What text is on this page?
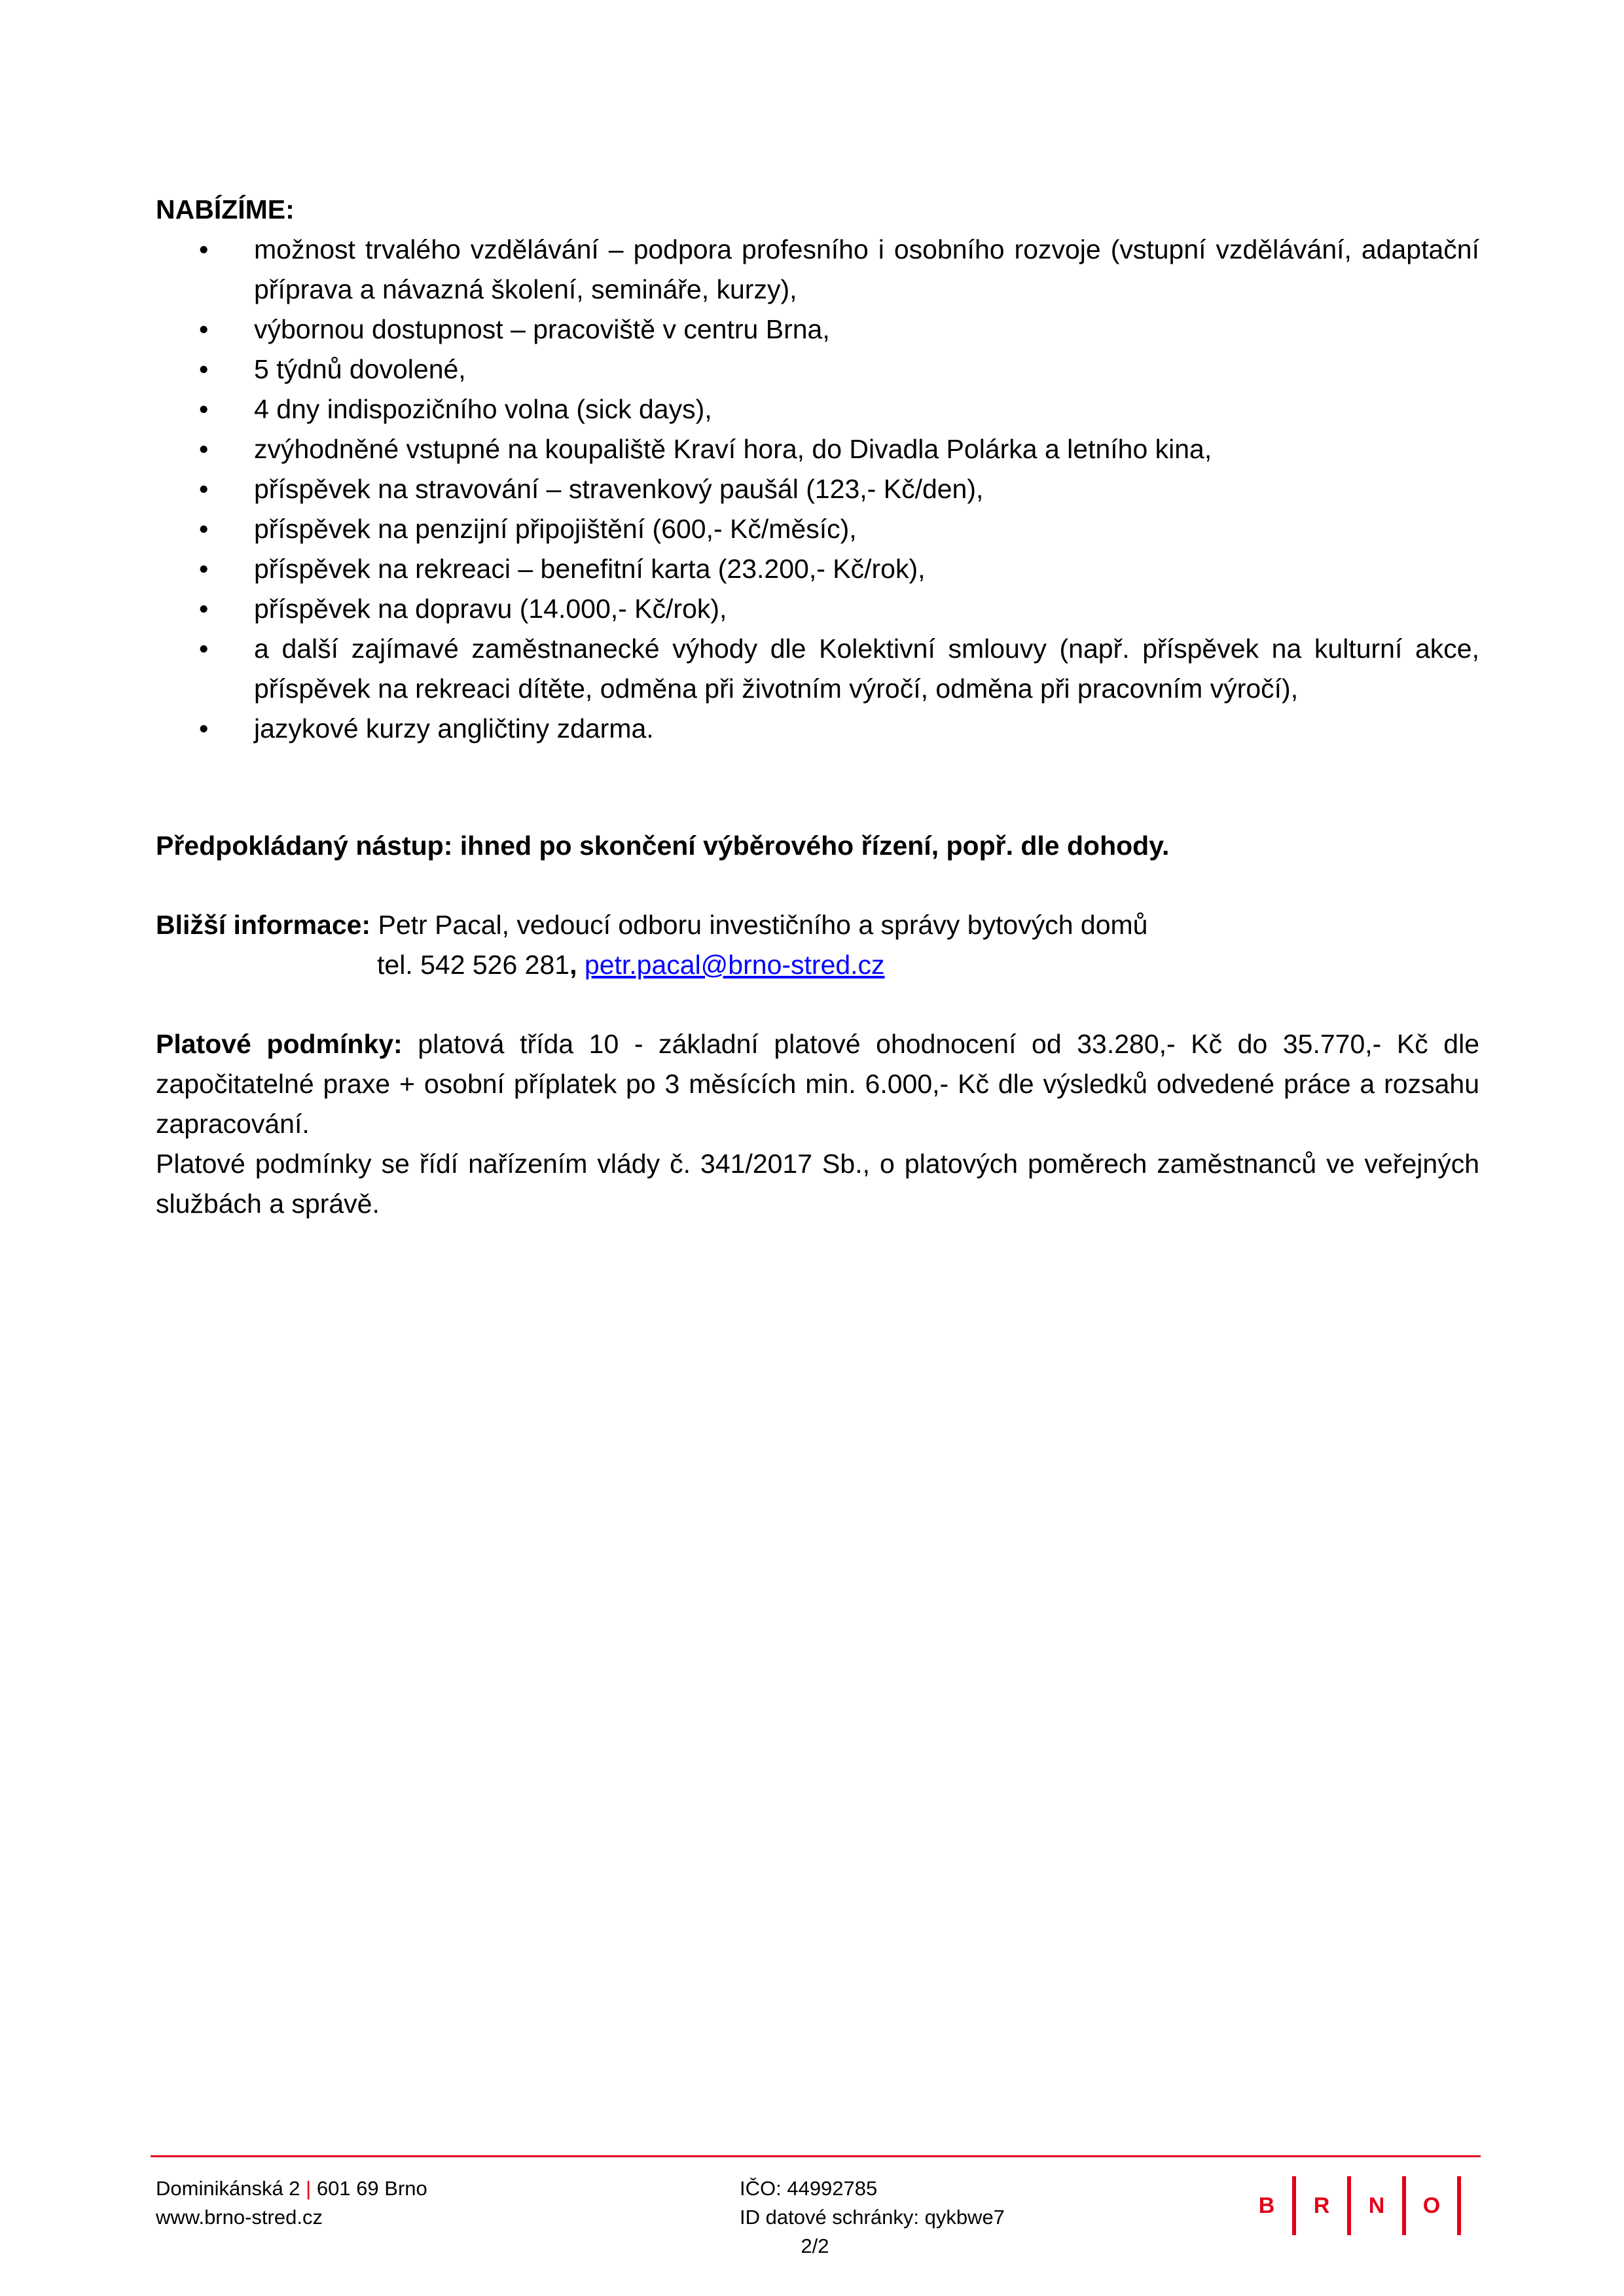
NABÍZÍME:

• možnost trvalého vzdělávání – podpora profesního i osobního rozvoje (vstupní vzdělávání, adaptační příprava a návazná školení, semináře, kurzy),
• výbornou dostupnost – pracoviště v centru Brna,
• 5 týdnů dovolené,
• 4 dny indispozičního volna (sick days),
• zvýhodněné vstupné na koupaliště Kraví hora, do Divadla Polárka a letního kina,
• příspěvek na stravování – stravenkový paušál (123,- Kč/den),
• příspěvek na penzijní připojištění (600,- Kč/měsíc),
• příspěvek na rekreaci – benefitní karta (23.200,- Kč/rok),
• příspěvek na dopravu (14.000,- Kč/rok),
• a další zajímavé zaměstnanecké výhody dle Kolektivní smlouvy (např. příspěvek na kulturní akce, příspěvek na rekreaci dítěte, odměna při životním výročí, odměna při pracovním výročí),
• jazykové kurzy angličtiny zdarma.

Předpokládaný nástup: ihned po skončení výběrového řízení, popř. dle dohody.

Bližší informace: Petr Pacal, vedoucí odboru investičního a správy bytových domů
tel. 542 526 281, petr.pacal@brno-stred.cz
Platové podmínky: platová třída 10 - základní platové ohodnocení od 33.280,- Kč do 35.770,- Kč dle započitatelné praxe + osobní příplatek po 3 měsících min. 6.000,- Kč dle výsledků odvedené práce a rozsahu zapracování.
Platové podmínky se řídí nařízením vlády č. 341/2017 Sb., o platových poměrech zaměstnanců ve veřejných službách a správě.
Dominikánská 2 | 601 69 Brno
www.brno-stred.cz
IČO: 44992785
ID datové schránky: qykbwe7
2/2
B	R	N	O
